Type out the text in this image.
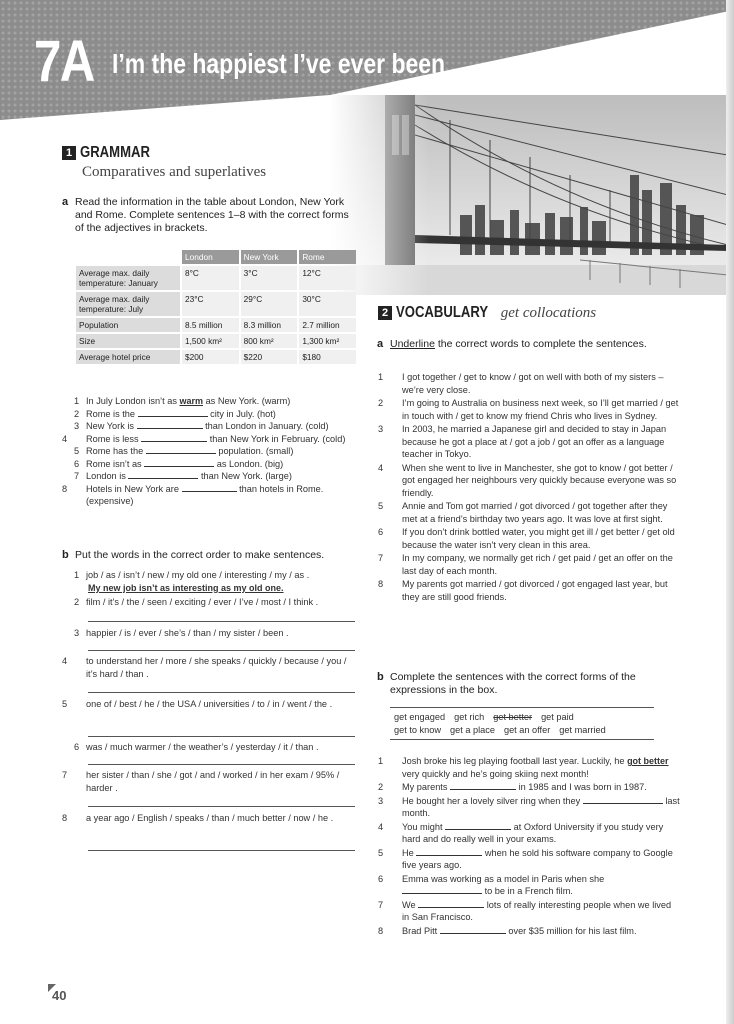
7A I’m the happiest I’ve ever been
1 GRAMMAR
Comparatives and superlatives
a Read the information in the table about London, New York and Rome. Complete sentences 1–8 with the correct forms of the adjectives in brackets.
	London	New York	Rome
Average max. daily temperature: January	8°C	3°C	12°C
Average max. daily temperature: July	23°C	29°C	30°C
Population	8.5 million	8.3 million	2.7 million
Size	1,500 km²	800 km²	1,300 km²
Average hotel price	$200	$220	$180
1 In July London isn’t as warm as New York. (warm)
2 Rome is the	city in July. (hot)
3 New York is	than London in January. (cold)
4 Rome is less	than New York in February. (cold)
5 Rome has the	population. (small)
6 Rome isn’t as	as London. (big)
7 London is	than New York. (large)
8 Hotels in New York are	than hotels in Rome. (expensive)
b Put the words in the correct order to make sentences.
1 job / as / isn’t / new / my old one / interesting / my / as .
My new job isn’t as interesting as my old one.
2 film / it’s / the / seen / exciting / ever / I’ve / most / I think .
3 happier / is / ever / she’s / than / my sister / been .
4 to understand her / more / she speaks / quickly / because / you / it’s hard / than .
5 one of / best / he / the USA / universities / to / in / went / the .
6 was / much warmer / the weather’s / yesterday / it / than .
7 her sister / than / she / got / and / worked / in her exam / 95% / harder .
8 a year ago / English / speaks / than / much better / now / he .
2 VOCABULARY get collocations
a Underline the correct words to complete the sentences.
1 I got together / get to know / got on well with both of my sisters – we’re very close.
2 I’m going to Australia on business next week, so I’ll get married / get in touch with / get to know my friend Chris who lives in Sydney.
3 In 2003, he married a Japanese girl and decided to stay in Japan because he got a place at / got a job / got an offer as a language teacher in Tokyo.
4 When she went to live in Manchester, she got to know / got better / got engaged her neighbours very quickly because everyone was so friendly.
5 Annie and Tom got married / got divorced / got together after they met at a friend’s birthday two years ago. It was love at first sight.
6 If you don’t drink bottled water, you might get ill / get better / get old because the water isn’t very clean in this area.
7 In my company, we normally get rich / get paid / get an offer on the last day of each month.
8 My parents got married / got divorced / got engaged last year, but they are still good friends.
b Complete the sentences with the correct forms of the expressions in the box.
get engaged get rich get better get paid
get to know get a place get an offer get married
1 Josh broke his leg playing football last year. Luckily, he got better very quickly and he’s going skiing next month!
2 My parents	in 1985 and I was born in 1987.
3 He bought her a lovely silver ring when they	last month.
4 You might	at Oxford University if you study very hard and do really well in your exams.
5 He	when he sold his software company to Google five years ago.
6 Emma was working as a model in Paris when she  to be in a French film.
7 We	lots of really interesting people when we lived in San Francisco.
8 Brad Pitt	over $35 million for his last film.
40
